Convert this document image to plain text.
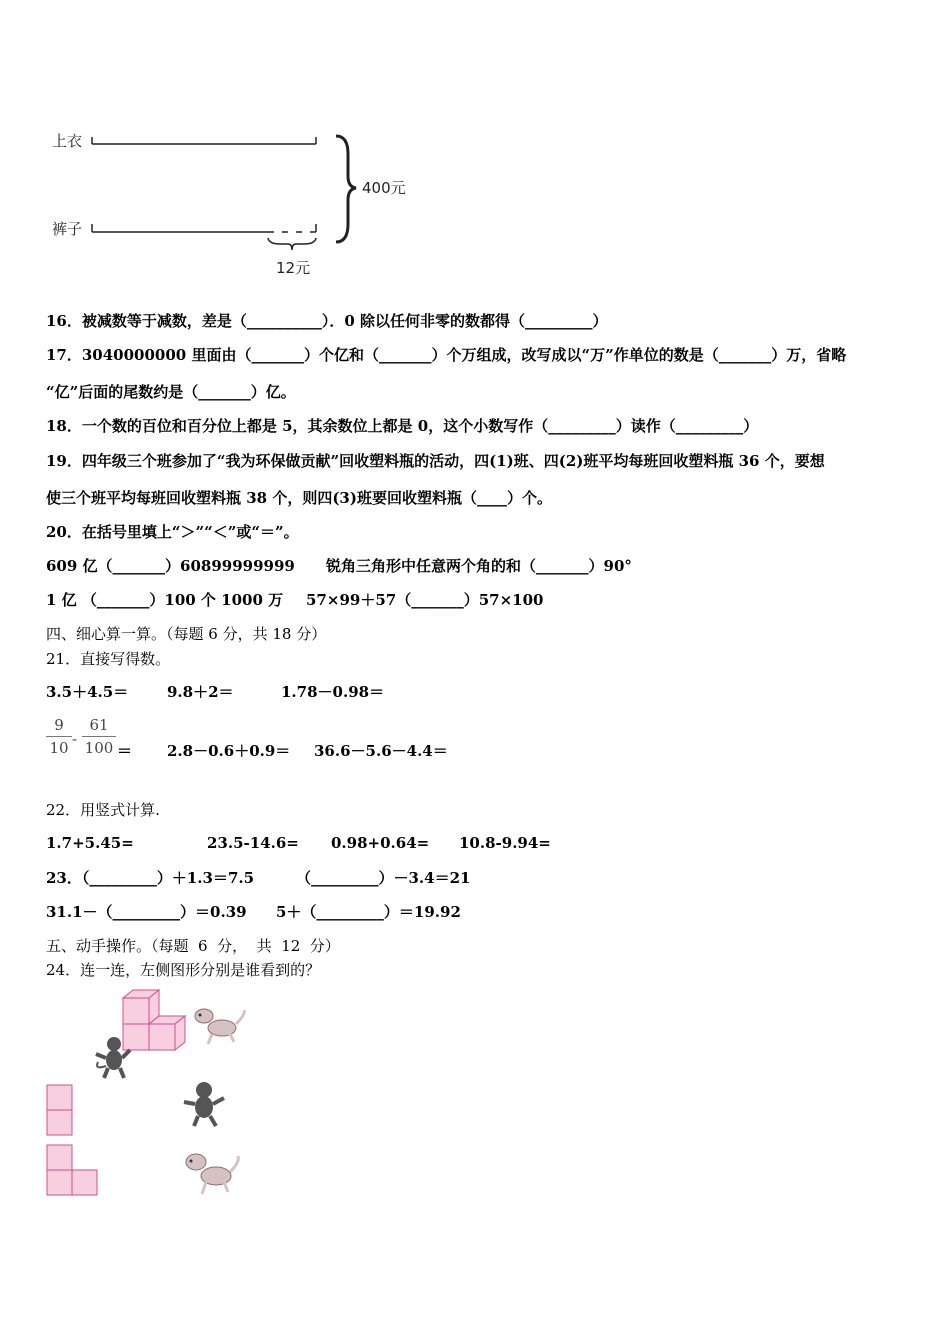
上衣
裤子
12元
400元
16．被减数等于减数，差是（__________）．0 除以任何非零的数都得（_________）
17．3040000000 里面由（_______）个亿和（_______）个万组成，改写成以“万”作单位的数是（_______）万，省略
“亿”后面的尾数约是（_______）亿。
18．一个数的百位和百分位上都是 5，其余数位上都是 0，这个小数写作（_________）读作（_________）
19．四年级三个班参加了“我为环保做贡献”回收塑料瓶的活动，四(1)班、四(2)班平均每班回收塑料瓶 36 个，要想
使三个班平均每班回收塑料瓶 38 个，则四(3)班要回收塑料瓶（____）个。
20．在括号里填上“＞”“＜”或“＝”。
609 亿（_______）60899999999 锐角三角形中任意两个角的和（_______）90°
1 亿 （_______）100 个 1000 万 57×99＋57（_______）57×100
四、细心算一算。（每题 6 分，共 18 分）
21．直接写得数。
3.5＋4.5＝	9.8＋2＝	1.78－0.98＝
9
10 -
61
100 ＝ 2.8－0.6＋0.9＝ 36.6－5.6－4.4＝
22．用竖式计算.
1.7+5.45=	23.5-14.6= 0.98+0.64= 10.8-9.94=
23．（_________）＋1.3＝7.5	（_________）－3.4＝21
31.1－（_________）＝0.39 5＋（_________）＝19.92
五、动手操作。（每题  6  分，  共  12  分）
24．连一连，左侧图形分别是谁看到的？
